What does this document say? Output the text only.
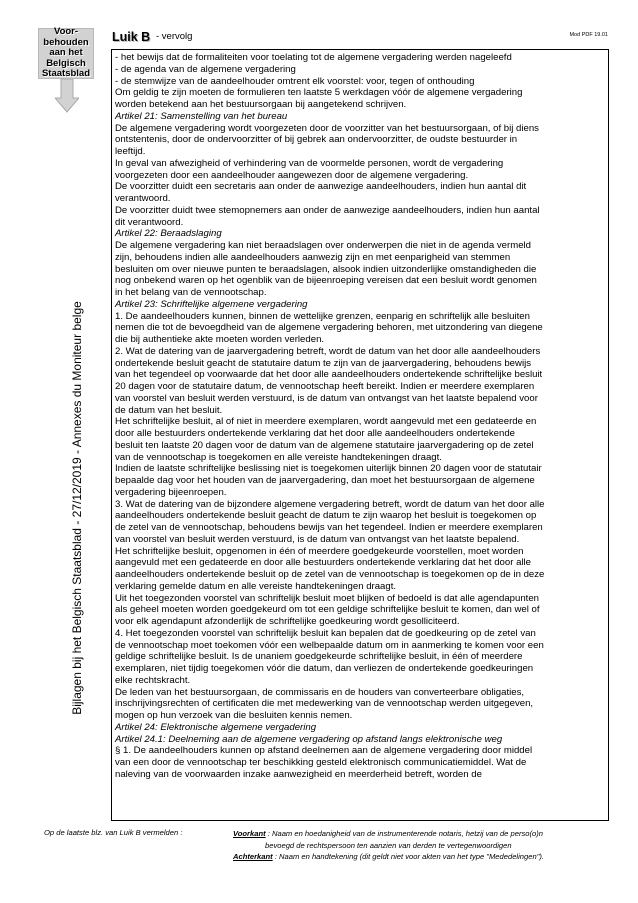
Voor-
behouden
aan het
Belgisch
Staatsblad
Bijlagen bij het Belgisch Staatsblad - 27/12/2019 - Annexes du Moniteur belge
Luik B - vervolg	Mod PDF 19.01

- het bewijs dat de formaliteiten voor toelating tot de algemene vergadering werden nageleefd

- de agenda van de algemene vergadering

- de stemwijze van de aandeelhouder omtrent elk voorstel: voor, tegen of onthouding

Om geldig te zijn moeten de formulieren ten laatste 5 werkdagen vóór de algemene vergadering

worden betekend aan het bestuursorgaan bij aangetekend schrijven.

Artikel 21: Samenstelling van het bureau

De algemene vergadering wordt voorgezeten door de voorzitter van het bestuursorgaan, of bij diens

ontstentenis, door de ondervoorzitter of bij gebrek aan ondervoorzitter, de oudste bestuurder in

leeftijd.

In geval van afwezigheid of verhindering van de voormelde personen, wordt de vergadering

voorgezeten door een aandeelhouder aangewezen door de algemene vergadering.

De voorzitter duidt een secretaris aan onder de aanwezige aandeelhouders, indien hun aantal dit

verantwoord.

De voorzitter duidt twee stemopnemers aan onder de aanwezige aandeelhouders, indien hun aantal

dit verantwoord.

Artikel 22: Beraadslaging

De algemene vergadering kan niet beraadslagen over onderwerpen die niet in de agenda vermeld

zijn, behoudens indien alle aandeelhouders aanwezig zijn en met eenparigheid van stemmen

besluiten om over nieuwe punten te beraadslagen, alsook indien uitzonderlijke omstandigheden die

nog onbekend waren op het ogenblik van de bijeenroeping vereisen dat een besluit wordt genomen

in het belang van de vennootschap.

Artikel 23: Schriftelijke algemene vergadering

1. De aandeelhouders kunnen, binnen de wettelijke grenzen, eenparig en schriftelijk alle besluiten

nemen die tot de bevoegdheid van de algemene vergadering behoren, met uitzondering van diegene

die bij authentieke akte moeten worden verleden.

2. Wat de datering van de jaarvergadering betreft, wordt de datum van het door alle aandeelhouders

ondertekende besluit geacht de statutaire datum te zijn van de jaarvergadering, behoudens bewijs

van het tegendeel op voorwaarde dat het door alle aandeelhouders ondertekende schriftelijke besluit

20 dagen voor de statutaire datum, de vennootschap heeft bereikt. Indien er meerdere exemplaren

van voorstel van besluit werden verstuurd, is de datum van ontvangst van het laatste bepalend voor

de datum van het besluit.

Het schriftelijke besluit, al of niet in meerdere exemplaren, wordt aangevuld met een gedateerde en

door alle bestuurders ondertekende verklaring dat het door alle aandeelhouders ondertekende

besluit ten laatste 20 dagen voor de datum van de algemene statutaire jaarvergadering op de zetel

van de vennootschap is toegekomen en alle vereiste handtekeningen draagt.

Indien de laatste schriftelijke beslissing niet is toegekomen uiterlijk binnen 20 dagen voor de statutair

bepaalde dag voor het houden van de jaarvergadering, dan moet het bestuursorgaan de algemene

vergadering bijeenroepen.

3. Wat de datering van de bijzondere algemene vergadering betreft, wordt de datum van het door alle

aandeelhouders ondertekende besluit geacht de datum te zijn waarop het besluit is toegekomen op

de zetel van de vennootschap, behoudens bewijs van het tegendeel. Indien er meerdere exemplaren

van voorstel van besluit werden verstuurd, is de datum van ontvangst van het laatste bepalend.

Het schriftelijke besluit, opgenomen in één of meerdere goedgekeurde voorstellen, moet worden

aangevuld met een gedateerde en door alle bestuurders ondertekende verklaring dat het door alle

aandeelhouders ondertekende besluit op de zetel van de vennootschap is toegekomen op de in deze

verklaring gemelde datum en alle vereiste handtekeningen draagt.

Uit het toegezonden voorstel van schriftelijk besluit moet blijken of bedoeld is dat alle agendapunten

als geheel moeten worden goedgekeurd om tot een geldige schriftelijke besluit te komen, dan wel of

voor elk agendapunt afzonderlijk de schriftelijke goedkeuring wordt gesolliciteerd.

4. Het toegezonden voorstel van schriftelijk besluit kan bepalen dat de goedkeuring op de zetel van

de vennootschap moet toekomen vóór een welbepaalde datum om in aanmerking te komen voor een

geldige schriftelijke besluit. Is de unaniem goedgekeurde schriftelijke besluit, in één of meerdere

exemplaren, niet tijdig toegekomen vóór die datum, dan verliezen de ondertekende goedkeuringen

elke rechtskracht.

De leden van het bestuursorgaan, de commissaris en de houders van converteerbare obligaties,

inschrijvingsrechten of certificaten die met medewerking van de vennootschap werden uitgegeven,

mogen op hun verzoek van die besluiten kennis nemen.

Artikel 24: Elektronische algemene vergadering

Artikel 24.1: Deelneming aan de algemene vergadering op afstand langs elektronische weg

§ 1. De aandeelhouders kunnen op afstand deelnemen aan de algemene vergadering door middel

van een door de vennootschap ter beschikking gesteld elektronisch communicatiemiddel. Wat de

naleving van de voorwaarden inzake aanwezigheid en meerderheid betreft, worden de

Op de laatste blz. van Luik B vermelden :	Voorkant : Naam en hoedanigheid van de instrumenterende notaris, hetzij van de perso(o)n
bevoegd de rechtspersoon ten aanzien van derden te vertegenwoordigen
Achterkant : Naam en handtekening (dit geldt niet voor akten van het type "Mededelingen").
